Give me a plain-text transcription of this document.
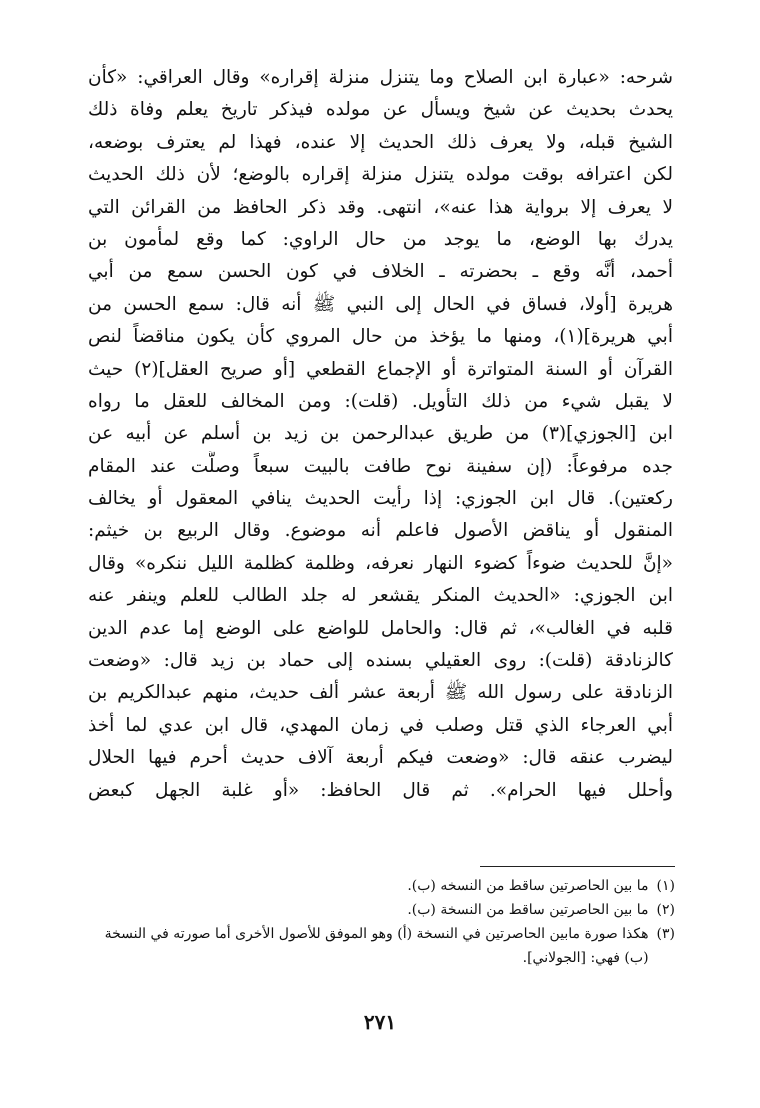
شرحه: «عبارة ابن الصلاح وما يتنزل منزلة إقراره» وقال العراقي: «كأن
يحدث بحديث عن شيخ ويسأل عن مولده فيذكر تاريخ يعلم وفاة ذلك
الشيخ قبله، ولا يعرف ذلك الحديث إلا عنده، فهذا لم يعترف بوضعه،
لكن اعترافه بوقت مولده يتنزل منزلة إقراره بالوضع؛ لأن ذلك الحديث
لا يعرف إلا برواية هذا عنه»، انتهى. وقد ذكر الحافظ من القرائن التي
يدرك بها الوضع، ما يوجد من حال الراوي: كما وقع لمأمون بن
أحمد، أنَّه وقع ـ بحضرته ـ الخلاف في كون الحسن سمع من أبي
هريرة [أولا، فساق في الحال إلى النبي ﷺ أنه قال: سمع الحسن من
أبي هريرة](١)، ومنها ما يؤخذ من حال المروي كأن يكون مناقضاً لنص
القرآن أو السنة المتواترة أو الإجماع القطعي [أو صريح العقل](٢) حيث
لا يقبل شيء من ذلك التأويل. (قلت): ومن المخالف للعقل ما رواه
ابن [الجوزي](٣) من طريق عبدالرحمن بن زيد بن أسلم عن أبيه عن
جده مرفوعاً: (إن سفينة نوح طافت بالبيت سبعاً وصلَّت عند المقام
ركعتين). قال ابن الجوزي: إذا رأيت الحديث ينافي المعقول أو يخالف
المنقول أو يناقض الأصول فاعلم أنه موضوع. وقال الربيع بن خيثم:
«إنَّ للحديث ضوءاً كضوء النهار نعرفه، وظلمة كظلمة الليل ننكره» وقال
ابن الجوزي: «الحديث المنكر يقشعر له جلد الطالب للعلم وينفر عنه
قلبه في الغالب»، ثم قال: والحامل للواضع على الوضع إما عدم الدين
كالزنادقة (قلت): روى العقيلي بسنده إلى حماد بن زيد قال: «وضعت
الزنادقة على رسول الله ﷺ أربعة عشر ألف حديث، منهم عبدالكريم بن
أبي العرجاء الذي قتل وصلب في زمان المهدي، قال ابن عدي لما أخذ
ليضرب عنقه قال: «وضعت فيكم أربعة آلاف حديث أحرم فيها الحلال
وأحلل فيها الحرام». ثم قال الحافظ: «أو غلبة الجهل كبعض
(١)
ما بين الحاصرتين ساقط من النسخه (ب).
(٢)
ما بين الحاصرتين ساقط من النسخة (ب).
(٣)
هكذا صورة مابين الحاصرتين في النسخة (أ) وهو الموفق للأصول الأخرى أما صورته في النسخة (ب) فهي: [الجولاني].
٢٧١
